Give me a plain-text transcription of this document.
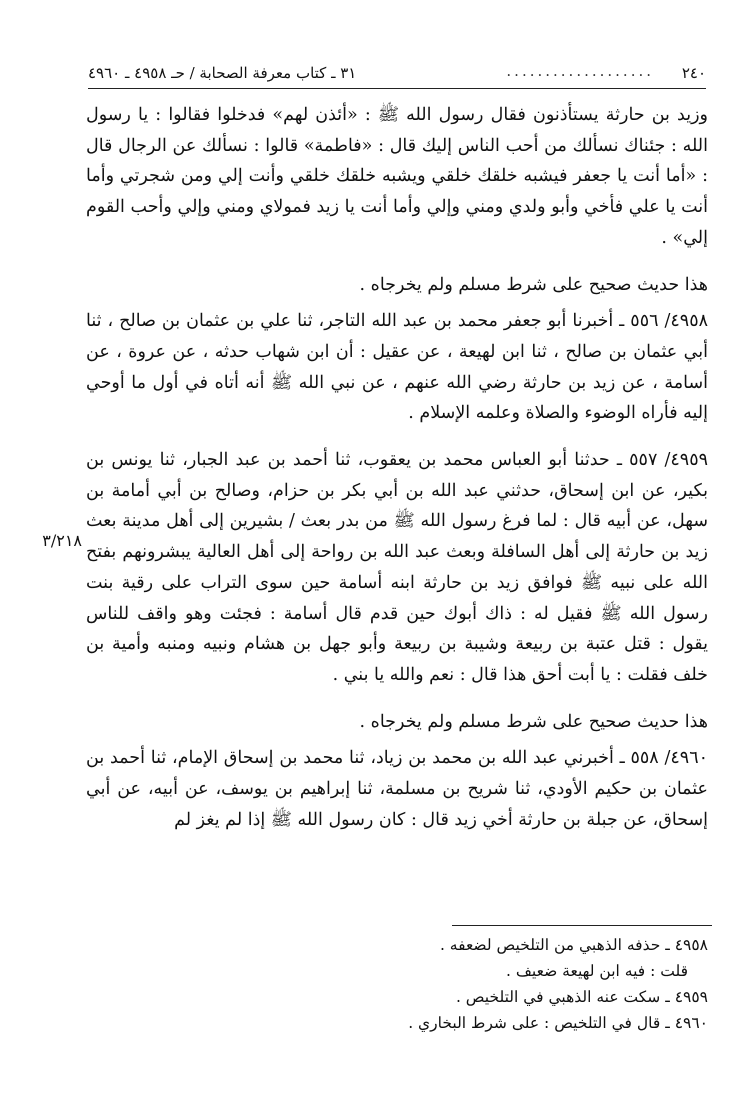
٢٤٠
...................
٣١ ـ كتاب معرفة الصحابة / حـ ٤٩٥٨ ـ ٤٩٦٠

وزيد بن حارثة يستأذنون فقال رسول الله ﷺ : «أئذن لهم» فدخلوا فقالوا : يا رسول الله : جئناك نسألك من أحب الناس إليك قال : «فاطمة» قالوا : نسألك عن الرجال قال : «أما أنت يا جعفر فيشبه خلقك خلقي ويشبه خلقك خلقي وأنت إلي ومن شجرتي وأما أنت يا علي فأخي وأبو ولدي ومني وإلي وأما أنت يا زيد فمولاي ومني وإلي وأحب القوم إلي» .

هذا حديث صحيح على شرط مسلم ولم يخرجاه .

٤٩٥٨/ ٥٥٦ ـ أخبرنا أبو جعفر محمد بن عبد الله التاجر، ثنا علي بن عثمان بن صالح ، ثنا أبي عثمان بن صالح ، ثنا ابن لهيعة ، عن عقيل : أن ابن شهاب حدثه ، عن عروة ، عن أسامة ، عن زيد بن حارثة رضي الله عنهم ، عن نبي الله ﷺ أنه أتاه في أول ما أوحي إليه فأراه الوضوء والصلاة وعلمه الإسلام .

٤٩٥٩/ ٥٥٧ ـ حدثنا أبو العباس محمد بن يعقوب، ثنا أحمد بن عبد الجبار، ثنا يونس بن بكير، عن ابن إسحاق، حدثني عبد الله بن أبي بكر بن حزام، وصالح بن أبي أمامة بن سهل، عن أبيه قال : لما فرغ رسول الله ﷺ من بدر بعث / بشيرين إلى أهل مدينة بعث زيد بن حارثة إلى أهل السافلة وبعث عبد الله بن رواحة إلى أهل العالية يبشرونهم بفتح الله على نبيه ﷺ فوافق زيد بن حارثة ابنه أسامة حين سوى التراب على رقية بنت رسول الله ﷺ فقيل له : ذاك أبوك حين قدم قال أسامة : فجئت وهو واقف للناس يقول : قتل عتبة بن ربيعة وشيبة بن ربيعة وأبو جهل بن هشام ونبيه ومنبه وأمية بن خلف فقلت : يا أبت أحق هذا قال : نعم والله يا بني .

هذا حديث صحيح على شرط مسلم ولم يخرجاه .

٤٩٦٠/ ٥٥٨ ـ أخبرني عبد الله بن محمد بن زياد، ثنا محمد بن إسحاق الإمام، ثنا أحمد بن عثمان بن حكيم الأودي، ثنا شريح بن مسلمة، ثنا إبراهيم بن يوسف، عن أبيه، عن أبي إسحاق، عن جبلة بن حارثة أخي زيد قال : كان رسول الله ﷺ إذا لم يغز لم

٣/٢١٨

٤٩٥٨ ـ حذفه الذهبي من التلخيص لضعفه .

قلت : فيه ابن لهيعة ضعيف .

٤٩٥٩ ـ سكت عنه الذهبي في التلخيص .

٤٩٦٠ ـ قال في التلخيص : على شرط البخاري .
